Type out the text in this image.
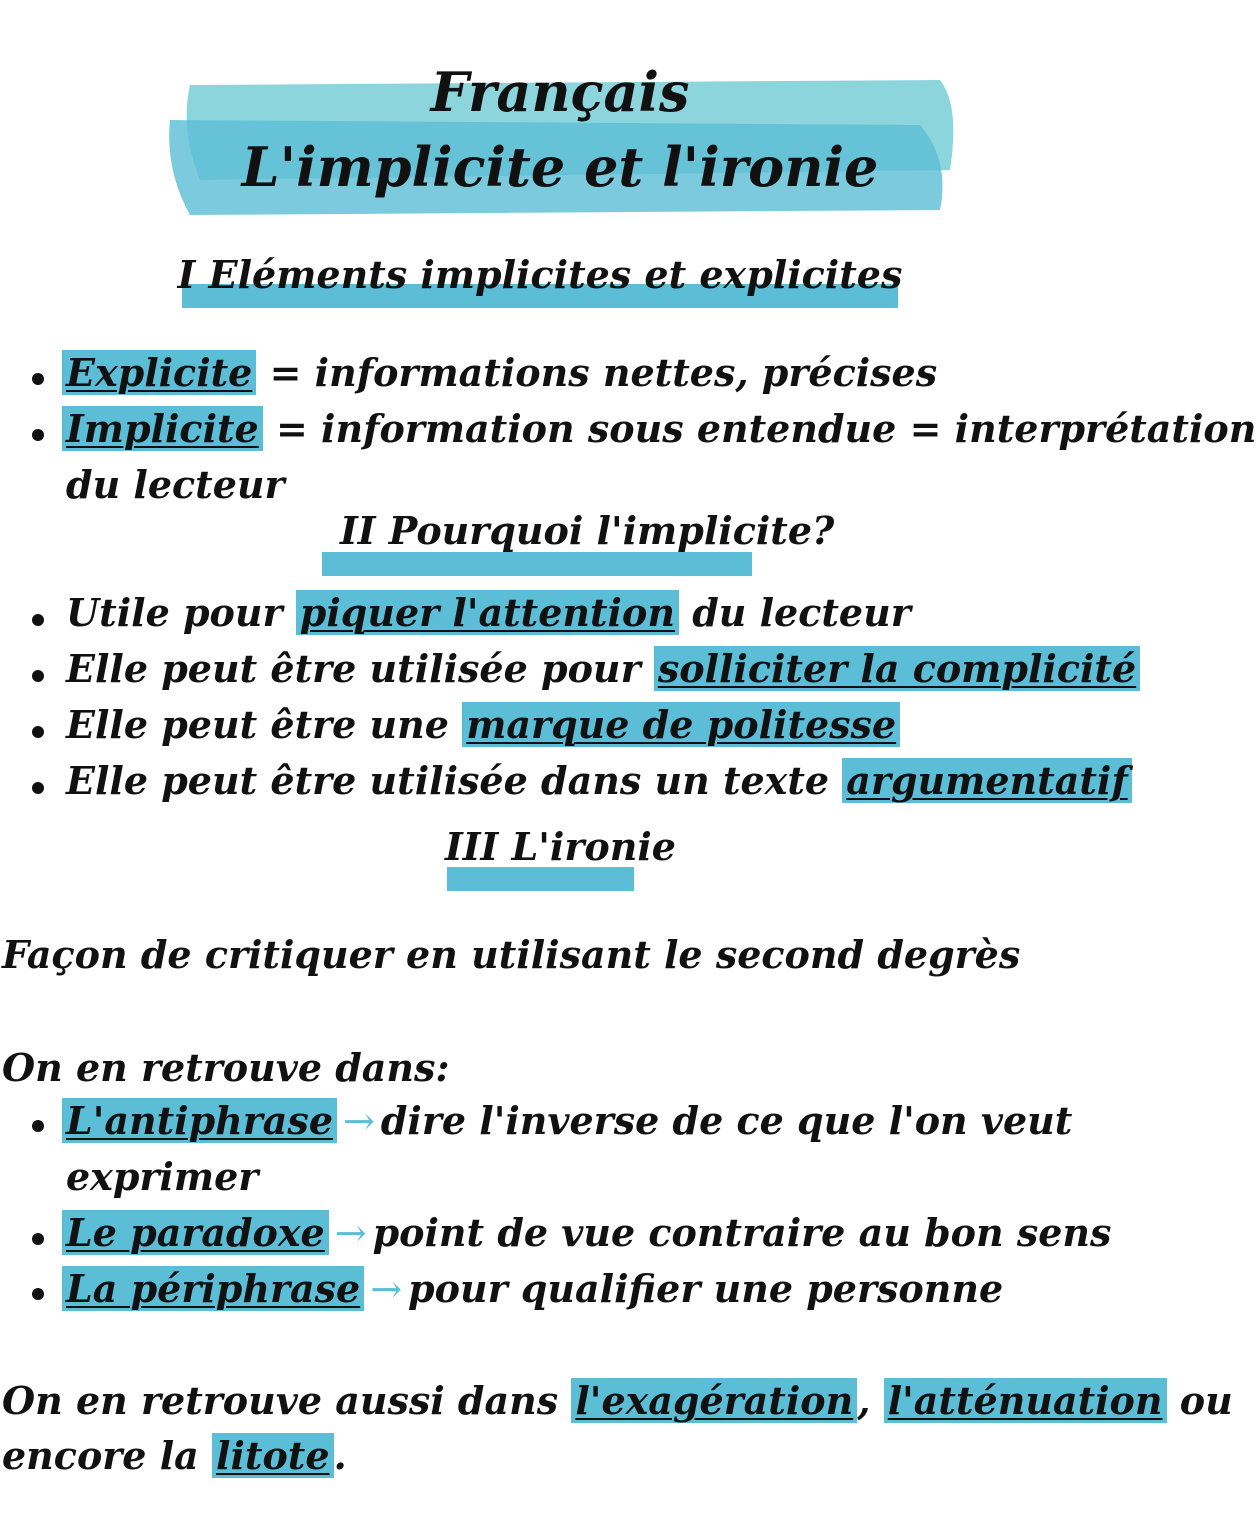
Français
L'implicite et l'ironie
I Eléments implicites et explicites
Explicite = informations nettes, précises
Implicite = information sous entendue = interprétation
du lecteur
II Pourquoi l'implicite?
Utile pour piquer l'attention du lecteur
Elle peut être utilisée pour solliciter la complicité
Elle peut être une marque de politesse
Elle peut être utilisée dans un texte argumentatif
III L'ironie
Façon de critiquer en utilisant le second degrès
On en retrouve dans:
L'antiphrase → dire l'inverse de ce que l'on veut
exprimer
Le paradoxe → point de vue contraire au bon sens
La périphrase → pour qualifier une personne
On en retrouve aussi dans l'exagération , l'atténuation ou
encore la litote .
